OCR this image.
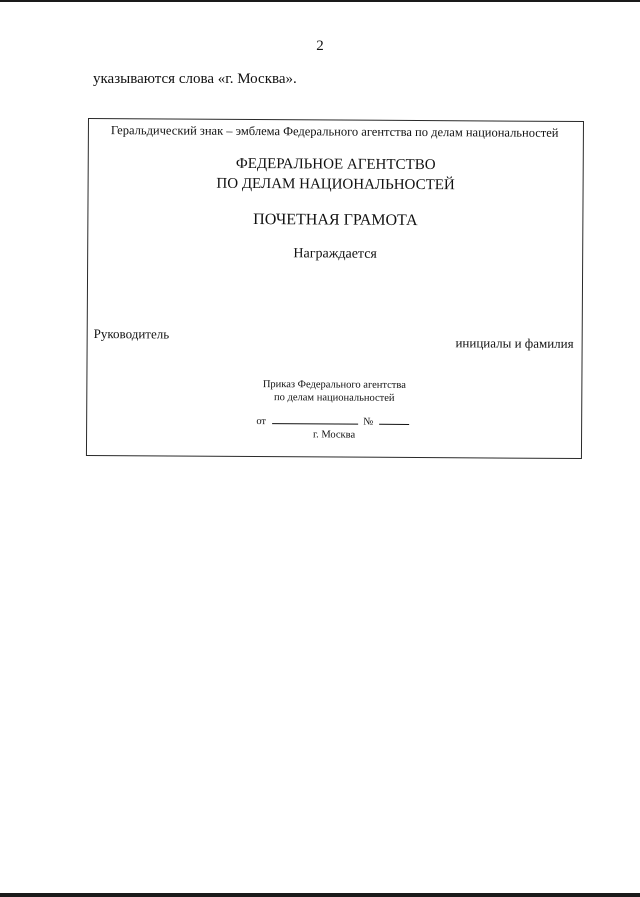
2
указываются слова «г. Москва».
Геральдический знак – эмблема Федерального агентства по делам национальностей
ФЕДЕРАЛЬНОЕ АГЕНТСТВО
ПО ДЕЛАМ НАЦИОНАЛЬНОСТЕЙ
ПОЧЕТНАЯ ГРАМОТА
Награждается
Руководитель
инициалы и фамилия
Приказ Федерального агентства
по делам национальностей
от	№
г. Москва
